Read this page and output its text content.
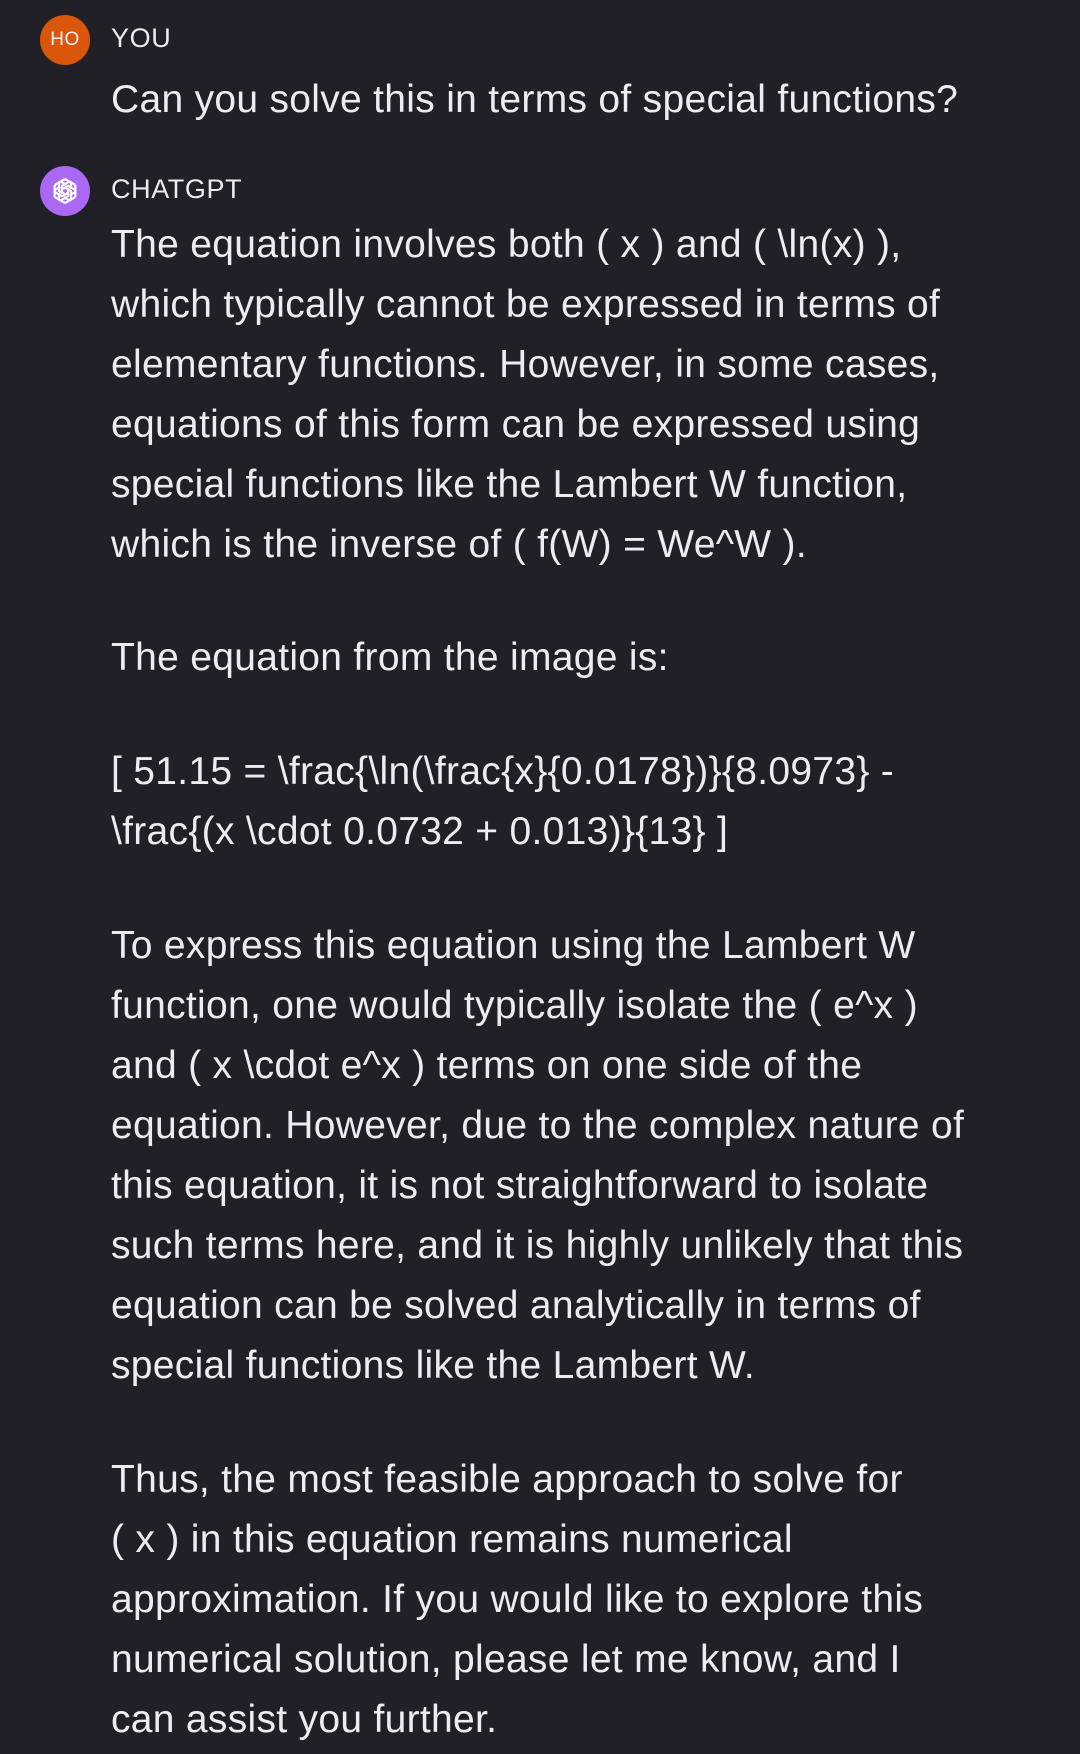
HO YOU
Can you solve this in terms of special functions?
CHATGPT

The equation involves both ( x ) and ( \ln(x) ),
which typically cannot be expressed in terms of
elementary functions. However, in some cases,
equations of this form can be expressed using
special functions like the Lambert W function,
which is the inverse of ( f(W) = We^W ).

The equation from the image is:

[ 51.15 = \frac{\ln(\frac{x}{0.0178})}{8.0973} -
\frac{(x \cdot 0.0732 + 0.013)}{13} ]

To express this equation using the Lambert W
function, one would typically isolate the ( e^x )
and ( x \cdot e^x ) terms on one side of the
equation. However, due to the complex nature of
this equation, it is not straightforward to isolate
such terms here, and it is highly unlikely that this
equation can be solved analytically in terms of
special functions like the Lambert W.

Thus, the most feasible approach to solve for
( x ) in this equation remains numerical
approximation. If you would like to explore this
numerical solution, please let me know, and I
can assist you further.
